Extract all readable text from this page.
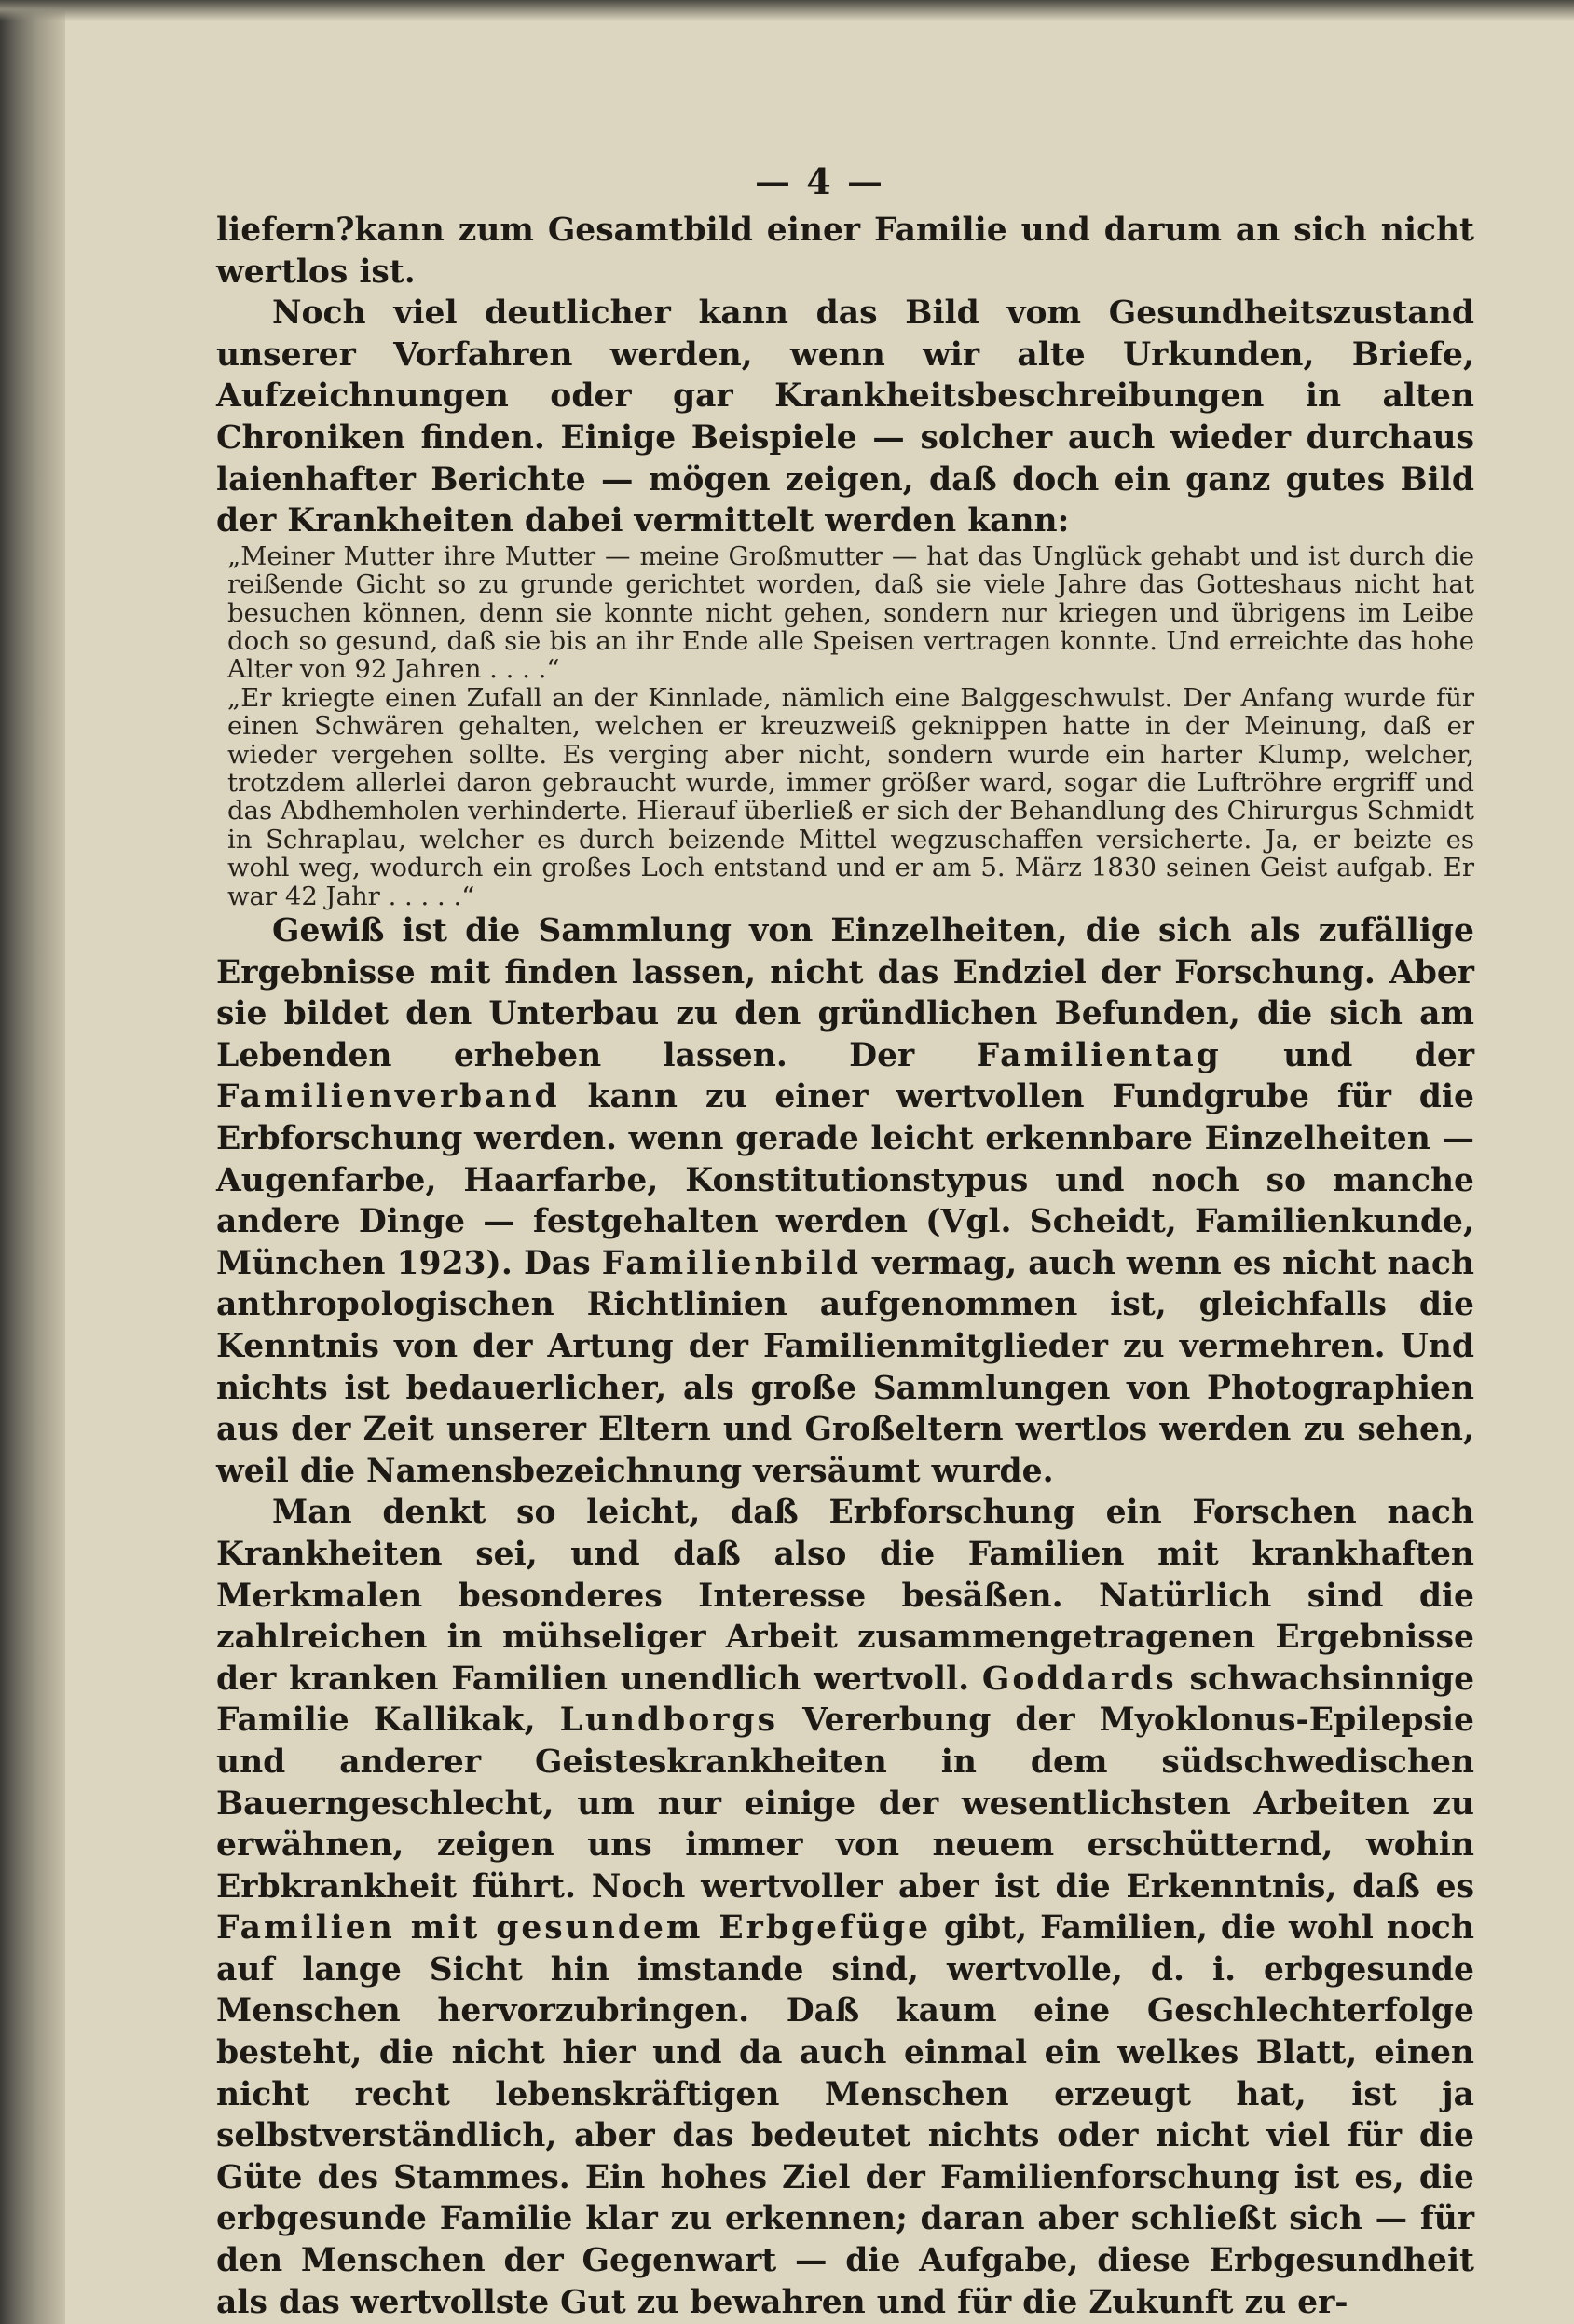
— 4 —

liefern?kann zum Gesamtbild einer Familie und darum an sich nicht wertlos ist.

Noch viel deutlicher kann das Bild vom Gesundheitszustand unserer Vorfahren werden, wenn wir alte Urkunden, Briefe, Aufzeichnungen oder gar Krankheitsbeschreibungen in alten Chroniken finden. Einige Beispiele — solcher auch wieder durchaus laienhafter Berichte — mögen zeigen, daß doch ein ganz gutes Bild der Krankheiten dabei vermittelt werden kann:

„Meiner Mutter ihre Mutter — meine Großmutter — hat das Unglück gehabt und ist durch die reißende Gicht so zu grunde gerichtet worden, daß sie viele Jahre das Gotteshaus nicht hat besuchen können, denn sie konnte nicht gehen, sondern nur kriegen und übrigens im Leibe doch so gesund, daß sie bis an ihr Ende alle Speisen vertragen konnte. Und erreichte das hohe Alter von 92 Jahren . . . .“

„Er kriegte einen Zufall an der Kinnlade, nämlich eine Balggeschwulst. Der Anfang wurde für einen Schwären gehalten, welchen er kreuzweiß geknippen hatte in der Meinung, daß er wieder vergehen sollte. Es verging aber nicht, sondern wurde ein harter Klump, welcher, trotzdem allerlei daron gebraucht wurde, immer größer ward, sogar die Luftröhre ergriff und das Abdhemholen verhinderte. Hierauf überließ er sich der Behandlung des Chirurgus Schmidt in Schraplau, welcher es durch beizende Mittel wegzuschaffen versicherte. Ja, er beizte es wohl weg, wodurch ein großes Loch entstand und er am 5. März 1830 seinen Geist aufgab. Er war 42 Jahr . . . . .“

Gewiß ist die Sammlung von Einzelheiten, die sich als zufällige Ergebnisse mit finden lassen, nicht das Endziel der Forschung. Aber sie bildet den Unterbau zu den gründlichen Befunden, die sich am Lebenden erheben lassen. Der Familientag und der Familienverband kann zu einer wertvollen Fundgrube für die Erbforschung werden. wenn gerade leicht erkennbare Einzelheiten — Augenfarbe, Haarfarbe, Konstitutionstypus und noch so manche andere Dinge — festgehalten werden (Vgl. Scheidt, Familienkunde, München 1923). Das Familienbild vermag, auch wenn es nicht nach anthropologischen Richtlinien aufgenommen ist, gleichfalls die Kenntnis von der Artung der Familienmitglieder zu vermehren. Und nichts ist bedauerlicher, als große Sammlungen von Photographien aus der Zeit unserer Eltern und Großeltern wertlos werden zu sehen, weil die Namensbezeichnung versäumt wurde.

Man denkt so leicht, daß Erbforschung ein Forschen nach Krankheiten sei, und daß also die Familien mit krankhaften Merkmalen besonderes Interesse besäßen. Natürlich sind die zahlreichen in mühseliger Arbeit zusammengetragenen Ergebnisse der kranken Familien unendlich wertvoll. Goddards schwachsinnige Familie Kallikak, Lundborgs Vererbung der Myoklonus-Epilepsie und anderer Geisteskrankheiten in dem südschwedischen Bauerngeschlecht, um nur einige der wesentlichsten Arbeiten zu erwähnen, zeigen uns immer von neuem erschütternd, wohin Erbkrankheit führt. Noch wertvoller aber ist die Erkenntnis, daß es Familien mit gesundem Erbgefüge gibt, Familien, die wohl noch auf lange Sicht hin imstande sind, wertvolle, d. i. erbgesunde Menschen hervorzubringen. Daß kaum eine Geschlechterfolge besteht, die nicht hier und da auch einmal ein welkes Blatt, einen nicht recht lebenskräftigen Menschen erzeugt hat, ist ja selbstverständlich, aber das bedeutet nichts oder nicht viel für die Güte des Stammes. Ein hohes Ziel der Familienforschung ist es, die erbgesunde Familie klar zu erkennen; daran aber schließt sich — für den Menschen der Gegenwart — die Aufgabe, diese Erbgesundheit als das wertvollste Gut zu bewahren und für die Zukunft zu er-
